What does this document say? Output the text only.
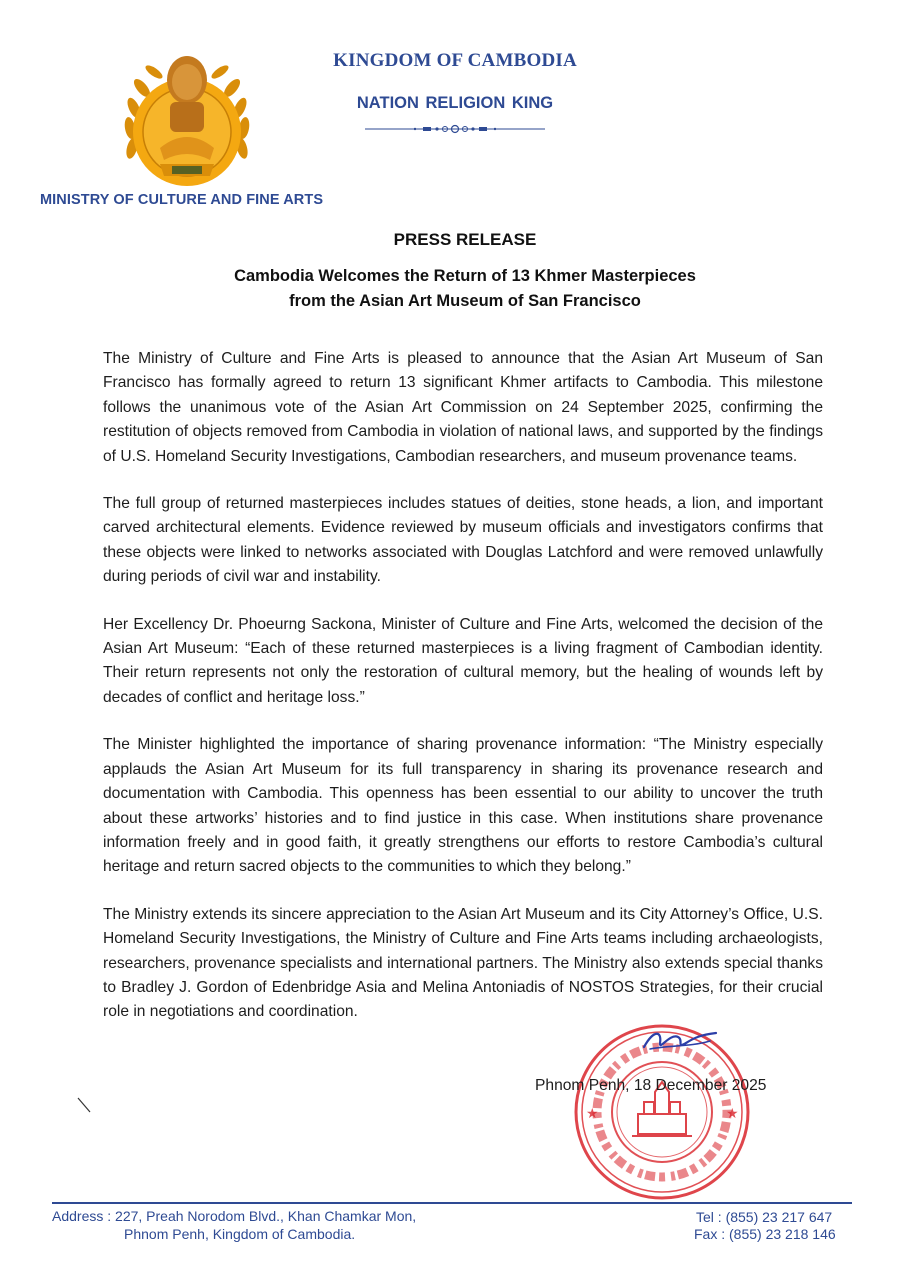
KINGDOM OF CAMBODIA
NATION RELIGION KING
MINISTRY OF CULTURE AND FINE ARTS
PRESS RELEASE
Cambodia Welcomes the Return of 13 Khmer Masterpieces
from the Asian Art Museum of San Francisco

The Ministry of Culture and Fine Arts is pleased to announce that the Asian Art Museum of San Francisco has formally agreed to return 13 significant Khmer artifacts to Cambodia. This milestone follows the unanimous vote of the Asian Art Commission on 24 September 2025, confirming the restitution of objects removed from Cambodia in violation of national laws, and supported by the findings of U.S. Homeland Security Investigations, Cambodian researchers, and museum provenance teams.

The full group of returned masterpieces includes statues of deities, stone heads, a lion, and important carved architectural elements. Evidence reviewed by museum officials and investigators confirms that these objects were linked to networks associated with Douglas Latchford and were removed unlawfully during periods of civil war and instability.

Her Excellency Dr. Phoeurng Sackona, Minister of Culture and Fine Arts, welcomed the decision of the Asian Art Museum: “Each of these returned masterpieces is a living fragment of Cambodian identity. Their return represents not only the restoration of cultural memory, but the healing of wounds left by decades of conflict and heritage loss.”

The Minister highlighted the importance of sharing provenance information: “The Ministry especially applauds the Asian Art Museum for its full transparency in sharing its provenance research and documentation with Cambodia. This openness has been essential to our ability to uncover the truth about these artworks’ histories and to find justice in this case. When institutions share provenance information freely and in good faith, it greatly strengthens our efforts to restore Cambodia’s cultural heritage and return sacred objects to the communities to which they belong.”

The Ministry extends its sincere appreciation to the Asian Art Museum and its City Attorney’s Office, U.S. Homeland Security Investigations, the Ministry of Culture and Fine Arts teams including archaeologists, researchers, provenance specialists and international partners. The Ministry also extends special thanks to Bradley J. Gordon of Edenbridge Asia and Melina Antoniadis of NOSTOS Strategies, for their crucial role in negotiations and coordination.

★	★
Phnom Penh, 18 December 2025
Address : 227, Preah Norodom Blvd., Khan Chamkar Mon,
Phnom Penh, Kingdom of Cambodia.
Tel : (855) 23 217 647
Fax : (855) 23 218 146
